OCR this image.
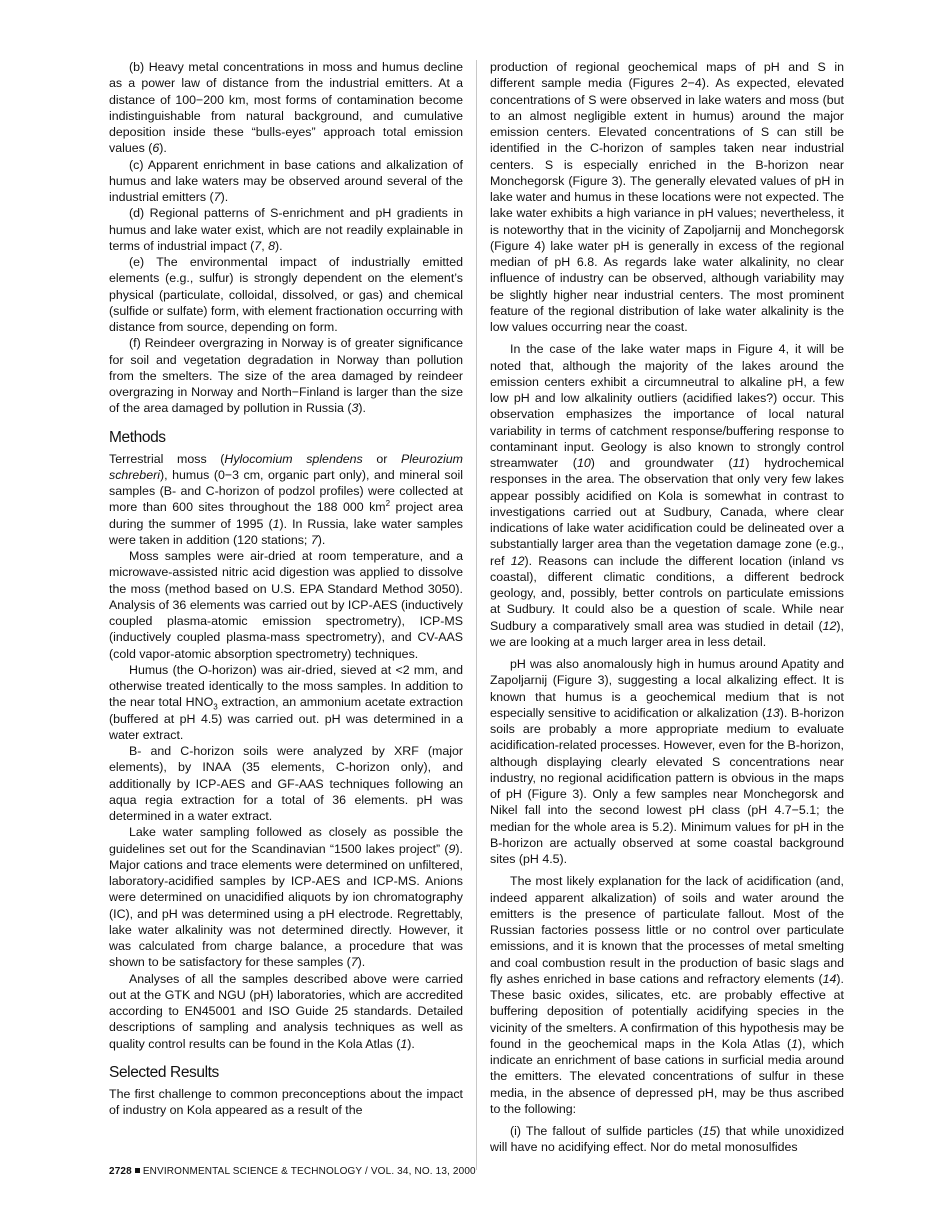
(b) Heavy metal concentrations in moss and humus decline as a power law of distance from the industrial emitters. At a distance of 100−200 km, most forms of contamination become indistinguishable from natural background, and cumulative deposition inside these “bulls-eyes” approach total emission values (6).

(c) Apparent enrichment in base cations and alkalization of humus and lake waters may be observed around several of the industrial emitters (7).

(d) Regional patterns of S-enrichment and pH gradients in humus and lake water exist, which are not readily explainable in terms of industrial impact (7, 8).

(e) The environmental impact of industrially emitted elements (e.g., sulfur) is strongly dependent on the element’s physical (particulate, colloidal, dissolved, or gas) and chemical (sulfide or sulfate) form, with element fractionation occurring with distance from source, depending on form.

(f) Reindeer overgrazing in Norway is of greater significance for soil and vegetation degradation in Norway than pollution from the smelters. The size of the area damaged by reindeer overgrazing in Norway and North−Finland is larger than the size of the area damaged by pollution in Russia (3).

Methods

Terrestrial moss (Hylocomium splendens or Pleurozium schreberi), humus (0−3 cm, organic part only), and mineral soil samples (B- and C-horizon of podzol profiles) were collected at more than 600 sites throughout the 188 000 $km^2$ project area during the summer of 1995 (1). In Russia, lake water samples were taken in addition (120 stations; 7).

Moss samples were air-dried at room temperature, and a microwave-assisted nitric acid digestion was applied to dissolve the moss (method based on U.S. EPA Standard Method 3050). Analysis of 36 elements was carried out by ICP-AES (inductively coupled plasma-atomic emission spectrometry), ICP-MS (inductively coupled plasma-mass spectrometry), and CV-AAS (cold vapor-atomic absorption spectrometry) techniques.

Humus (the O-horizon) was air-dried, sieved at <2 mm, and otherwise treated identically to the moss samples. In addition to the near total $HNO_3$ extraction, an ammonium acetate extraction (buffered at pH 4.5) was carried out. pH was determined in a water extract.

B- and C-horizon soils were analyzed by XRF (major elements), by INAA (35 elements, C-horizon only), and additionally by ICP-AES and GF-AAS techniques following an aqua regia extraction for a total of 36 elements. pH was determined in a water extract.

Lake water sampling followed as closely as possible the guidelines set out for the Scandinavian “1500 lakes project” (9). Major cations and trace elements were determined on unfiltered, laboratory-acidified samples by ICP-AES and ICP-MS. Anions were determined on unacidified aliquots by ion chromatography (IC), and pH was determined using a pH electrode. Regrettably, lake water alkalinity was not determined directly. However, it was calculated from charge balance, a procedure that was shown to be satisfactory for these samples (7).

Analyses of all the samples described above were carried out at the GTK and NGU (pH) laboratories, which are accredited according to EN45001 and ISO Guide 25 standards. Detailed descriptions of sampling and analysis techniques as well as quality control results can be found in the Kola Atlas (1).

Selected Results

The first challenge to common preconceptions about the impact of industry on Kola appeared as a result of the

production of regional geochemical maps of pH and S in different sample media (Figures 2−4). As expected, elevated concentrations of S were observed in lake waters and moss (but to an almost negligible extent in humus) around the major emission centers. Elevated concentrations of S can still be identified in the C-horizon of samples taken near industrial centers. S is especially enriched in the B-horizon near Monchegorsk (Figure 3). The generally elevated values of pH in lake water and humus in these locations were not expected. The lake water exhibits a high variance in pH values; nevertheless, it is noteworthy that in the vicinity of Zapoljarnij and Monchegorsk (Figure 4) lake water pH is generally in excess of the regional median of pH 6.8. As regards lake water alkalinity, no clear influence of industry can be observed, although variability may be slightly higher near industrial centers. The most prominent feature of the regional distribution of lake water alkalinity is the low values occurring near the coast.

In the case of the lake water maps in Figure 4, it will be noted that, although the majority of the lakes around the emission centers exhibit a circumneutral to alkaline pH, a few low pH and low alkalinity outliers (acidified lakes?) occur. This observation emphasizes the importance of local natural variability in terms of catchment response/buffering response to contaminant input. Geology is also known to strongly control streamwater (10) and groundwater (11) hydrochemical responses in the area. The observation that only very few lakes appear possibly acidified on Kola is somewhat in contrast to investigations carried out at Sudbury, Canada, where clear indications of lake water acidification could be delineated over a substantially larger area than the vegetation damage zone (e.g., ref 12). Reasons can include the different location (inland vs coastal), different climatic conditions, a different bedrock geology, and, possibly, better controls on particulate emissions at Sudbury. It could also be a question of scale. While near Sudbury a comparatively small area was studied in detail (12), we are looking at a much larger area in less detail.

pH was also anomalously high in humus around Apatity and Zapoljarnij (Figure 3), suggesting a local alkalizing effect. It is known that humus is a geochemical medium that is not especially sensitive to acidification or alkalization (13). B-horizon soils are probably a more appropriate medium to evaluate acidification-related processes. However, even for the B-horizon, although displaying clearly elevated S concentrations near industry, no regional acidification pattern is obvious in the maps of pH (Figure 3). Only a few samples near Monchegorsk and Nikel fall into the second lowest pH class (pH 4.7−5.1; the median for the whole area is 5.2). Minimum values for pH in the B-horizon are actually observed at some coastal background sites (pH 4.5).

The most likely explanation for the lack of acidification (and, indeed apparent alkalization) of soils and water around the emitters is the presence of particulate fallout. Most of the Russian factories possess little or no control over particulate emissions, and it is known that the processes of metal smelting and coal combustion result in the production of basic slags and fly ashes enriched in base cations and refractory elements (14). These basic oxides, silicates, etc. are probably effective at buffering deposition of potentially acidifying species in the vicinity of the smelters. A confirmation of this hypothesis may be found in the geochemical maps in the Kola Atlas (1), which indicate an enrichment of base cations in surficial media around the emitters. The elevated concentrations of sulfur in these media, in the absence of depressed pH, may be thus ascribed to the following:

(i) The fallout of sulfide particles (15) that while unoxidized will have no acidifying effect. Nor do metal monosulfides

2728 ENVIRONMENTAL SCIENCE & TECHNOLOGY / VOL. 34, NO. 13, 2000
